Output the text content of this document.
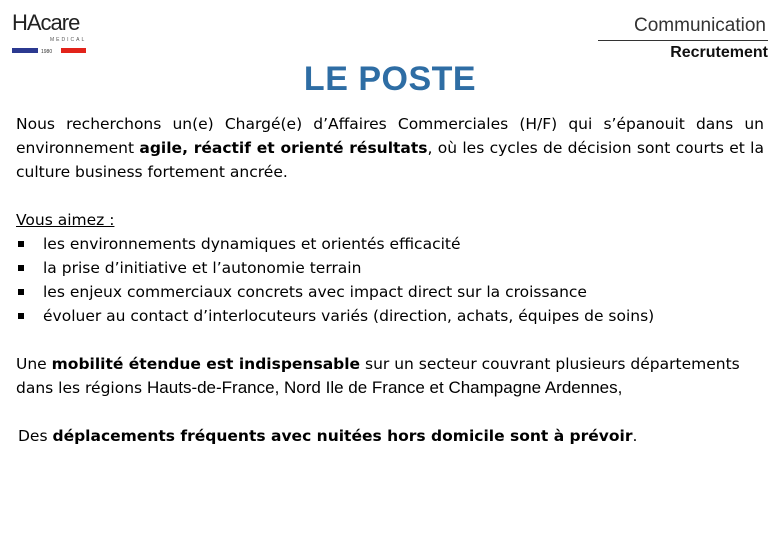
HAcare
MEDICAL
1980
Communication
Recrutement
LE POSTE
Nous recherchons un(e) Chargé(e) d’Affaires Commerciales (H/F) qui s’épanouit dans un environnement agile, réactif et orienté résultats, où les cycles de décision sont courts et la culture business fortement ancrée.
Vous aimez :
les environnements dynamiques et orientés efficacité
la prise d’initiative et l’autonomie terrain
les enjeux commerciaux concrets avec impact direct sur la croissance
évoluer au contact d’interlocuteurs variés (direction, achats, équipes de soins)
Une mobilité étendue est indispensable sur un secteur couvrant plusieurs départements dans les régions Hauts-de-France, Nord Ile de France et Champagne Ardennes,
Des déplacements fréquents avec nuitées hors domicile sont à prévoir.
